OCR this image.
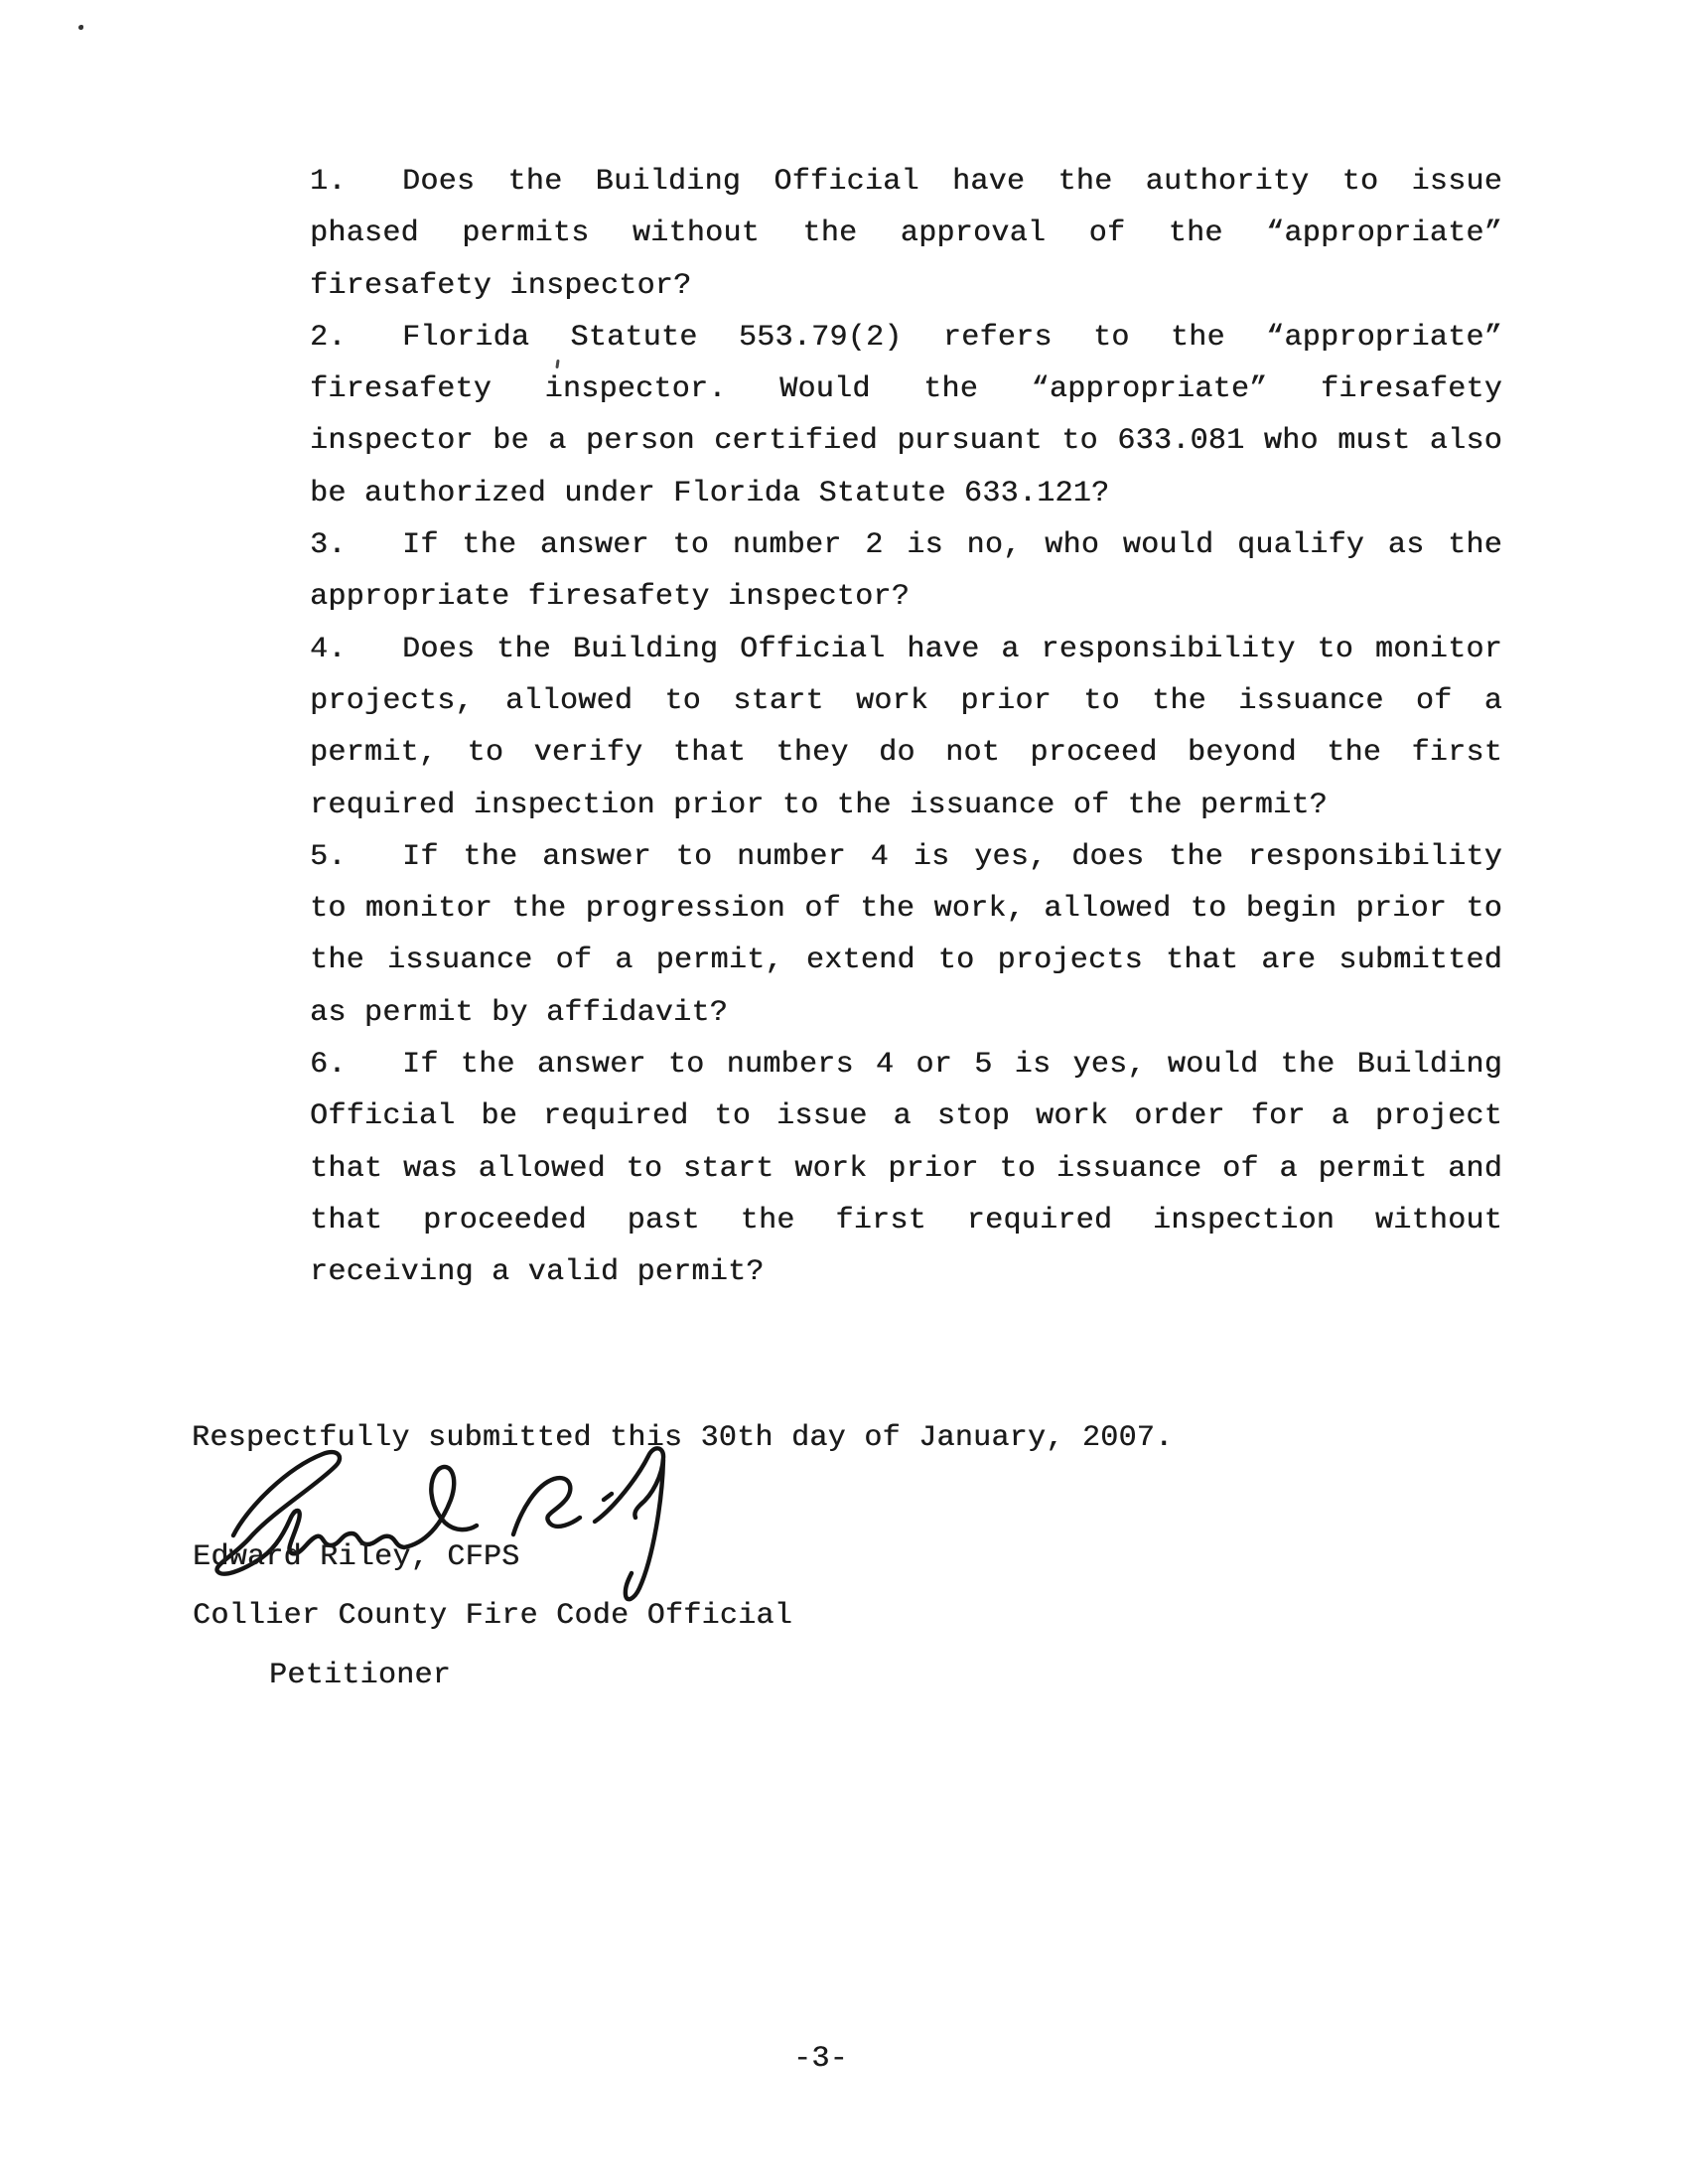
1. Does the Building Official have the authority to issue
phased permits without the approval of the “appropriate”
firesafety inspector?
2. Florida Statute 553.79(2) refers to the “appropriate”
firesafety inspector. Would the “appropriate” firesafety
inspector be a person certified pursuant to 633.081 who must also
be authorized under Florida Statute 633.121?
3. If the answer to number 2 is no, who would qualify as the
appropriate firesafety inspector?
4. Does the Building Official have a responsibility to monitor
projects, allowed to start work prior to the issuance of a
permit, to verify that they do not proceed beyond the first
required inspection prior to the issuance of the permit?
5. If the answer to number 4 is yes, does the responsibility
to monitor the progression of the work, allowed to begin prior to
the issuance of a permit, extend to projects that are submitted
as permit by affidavit?
6. If the answer to numbers 4 or 5 is yes, would the Building
Official be required to issue a stop work order for a project
that was allowed to start work prior to issuance of a permit and
that proceeded past the first required inspection without
receiving a valid permit?
Respectfully submitted this 30th day of January, 2007.
Edward Riley, CFPS
Collier County Fire Code Official
Petitioner
-3-
